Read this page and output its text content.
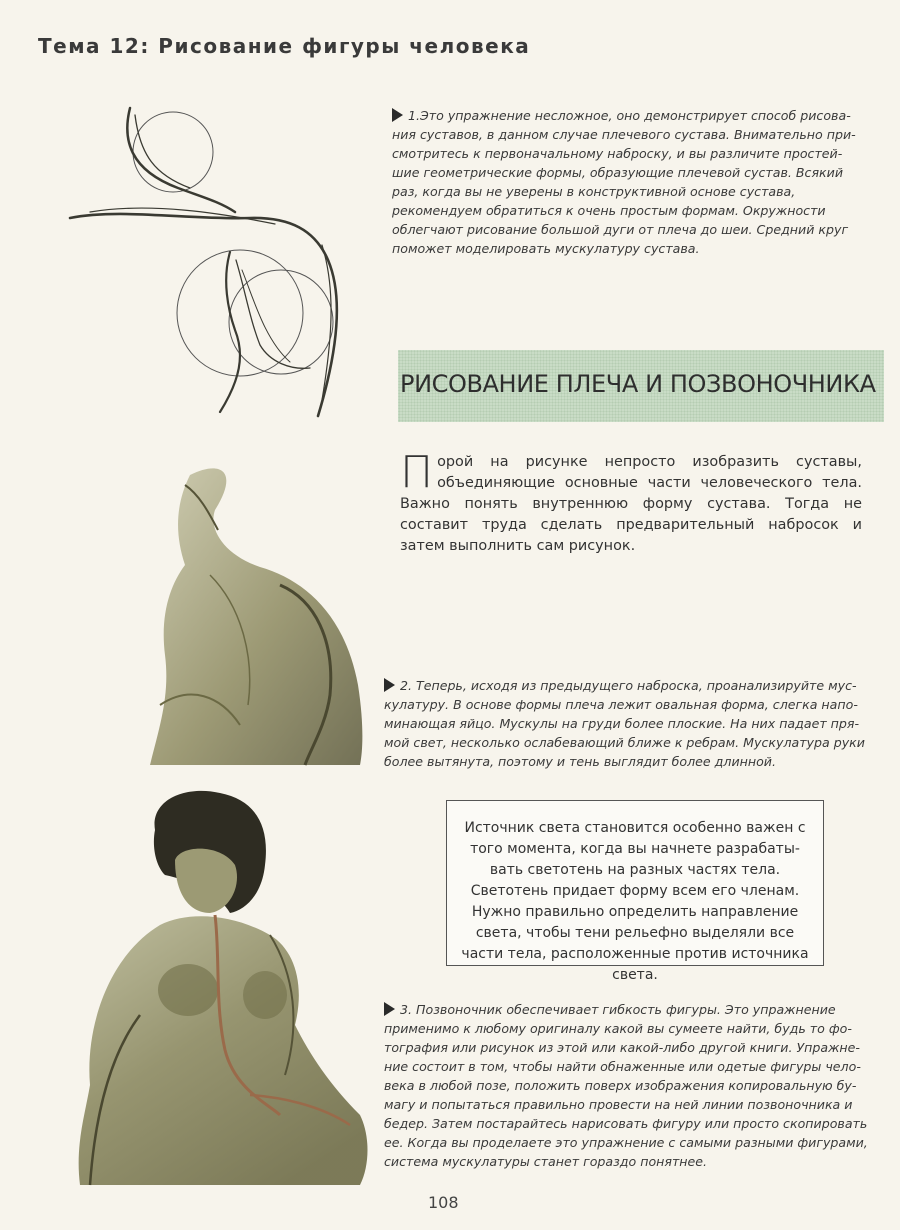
Тема 12: Рисование фигуры человека
1.Это упражнение несложное, оно демонстрирует способ рисования суставов, в данном случае плечевого сустава. Внимательно присмотритесь к первоначальному наброску, и вы различите простейшие геометрические формы, образующие плечевой сустав. Всякий раз, когда вы не уверены в конструктивной основе сустава, рекомендуем обратиться к очень простым формам. Окружности облегчают рисование большой дуги от плеча до шеи. Средний круг поможет моделировать мускулатуру сустава.
РИСОВАНИЕ ПЛЕЧА И ПОЗВОНОЧНИКА
Порой на рисунке непросто изобразить суставы, объединяющие основные части человеческого тела. Важно понять внутреннюю форму сустава. Тогда не составит труда сделать предварительный набросок и затем выполнить сам рисунок.
2. Теперь, исходя из предыдущего наброска, проанализируйте мускулатуру. В основе формы плеча лежит овальная форма, слегка напоминающая яйцо. Мускулы на груди более плоские. На них падает прямой свет, несколько ослабевающий ближе к ребрам. Мускулатура руки более вытянута, поэтому и тень выглядит более длинной.
Источник света становится особенно важен с того момента, когда вы начнете разрабатывать светотень на разных частях тела. Светотень придает форму всем его членам. Нужно правильно определить направление света, чтобы тени рельефно выделяли все части тела, расположенные против источника света.
3. Позвоночник обеспечивает гибкость фигуры. Это упражнение применимо к любому оригиналу какой вы сумеете найти, будь то фотография или рисунок из этой или какой-либо другой книги. Упражнение состоит в том, чтобы найти обнаженные или одетые фигуры человека в любой позе, положить поверх изображения копировальную бумагу и попытаться правильно провести на ней линии позвоночника и бедер. Затем постарайтесь нарисовать фигуру или просто скопировать ее. Когда вы проделаете это упражнение с самыми разными фигурами, система мускулатуры станет гораздо понятнее.
108
